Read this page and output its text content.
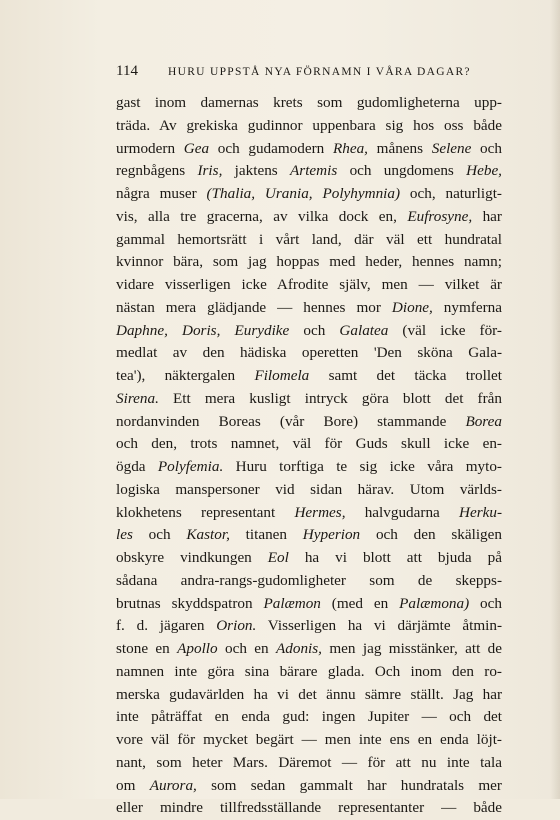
114	HURU UPPSTÅ NYA FÖRNAMN I VÅRA DAGAR?
gast inom damernas krets som gudomligheterna upp-
träda. Av grekiska gudinnor uppenbara sig hos oss både
urmodern Gea och gudamodern Rhea, månens Selene och
regnbågens Iris, jaktens Artemis och ungdomens Hebe,
några muser (Thalia, Urania, Polyhymnia) och, naturligt-
vis, alla tre gracerna, av vilka dock en, Eufrosyne, har
gammal hemortsrätt i vårt land, där väl ett hundratal
kvinnor bära, som jag hoppas med heder, hennes namn;
vidare visserligen icke Afrodite själv, men — vilket är
nästan mera glädjande — hennes mor Dione, nymferna
Daphne, Doris, Eurydike och Galatea (väl icke för-
medlat av den hädiska operetten 'Den sköna Gala-
tea'), näktergalen Filomela samt det täcka trollet
Sirena. Ett mera kusligt intryck göra blott det från
nordanvinden Boreas (vår Bore) stammande Borea
och den, trots namnet, väl för Guds skull icke en-
ögda Polyfemia. Huru torftiga te sig icke våra myto-
logiska manspersoner vid sidan härav. Utom världs-
klokhetens representant Hermes, halvgudarna Herku-
les och Kastor, titanen Hyperion och den skäligen
obskyre vindkungen Eol ha vi blott att bjuda på
sådana andra-rangs-gudomligheter som de skepps-
brutnas skyddspatron Palæmon (med en Palæmona) och
f. d. jägaren Orion. Visserligen ha vi därjämte åtmin-
stone en Apollo och en Adonis, men jag misstänker, att de
namnen inte göra sina bärare glada. Och inom den ro-
merska gudavärlden ha vi det ännu sämre ställt. Jag har
inte påträffat en enda gud: ingen Jupiter — och det
vore väl för mycket begärt — men inte ens en enda löjt-
nant, som heter Mars. Däremot — för att nu inte tala
om Aurora, som sedan gammalt har hundratals mer
eller mindre tillfredsställande representanter — både
